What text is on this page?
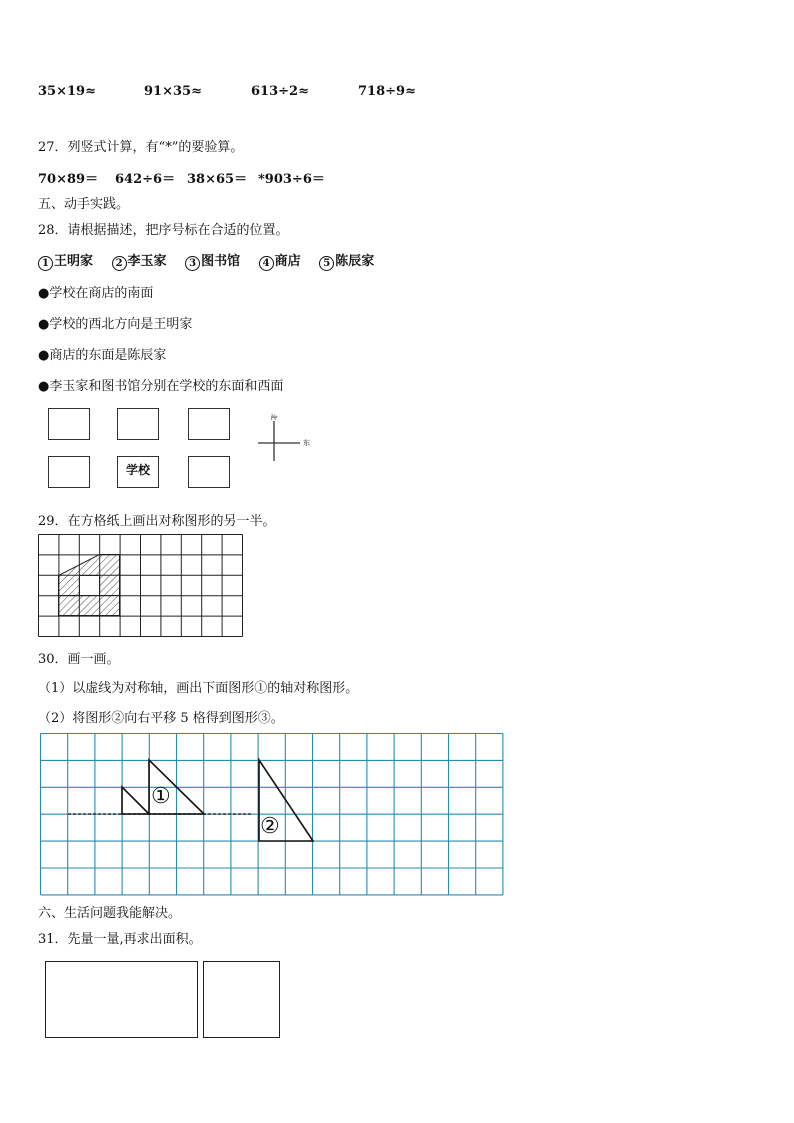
35×19≈	91×35≈	613÷2≈	718÷9≈
27．列竖式计算，有“*”的要验算。
70×89＝ 642÷6＝ 38×65＝ *903÷6＝
五、动手实践。
28．请根据描述，把序号标在合适的位置。
1 王明家 2 李玉家 3 图书馆 4 商店 5 陈辰家
●学校在商店的南面
●学校的西北方向是王明家
●商店的东面是陈辰家
●李玉家和图书馆分别在学校的东面和西面
学校
北
东
29．在方格纸上画出对称图形的另一半。
30．画一画。
（1）以虚线为对称轴，画出下面图形①的轴对称图形。
（2）将图形②向右平移 5 格得到图形③。
①
②
六、生活问题我能解决。
31．先量一量,再求出面积。
